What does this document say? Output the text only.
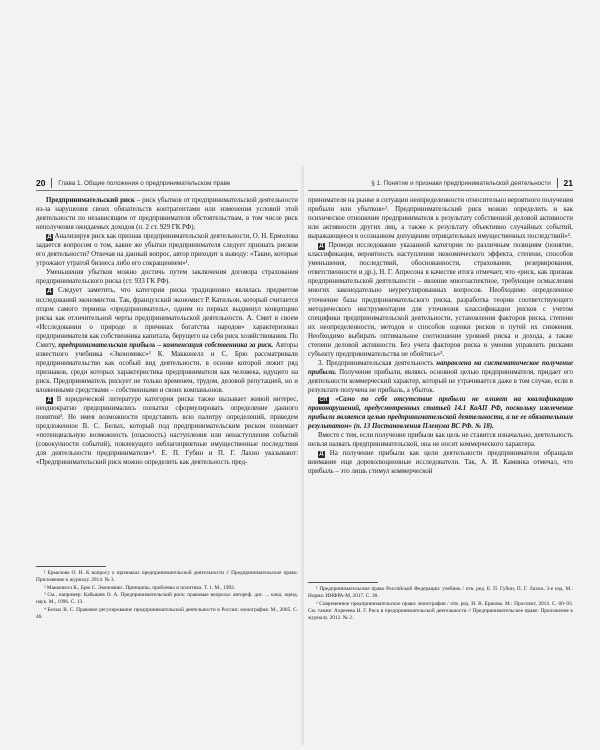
20 Глава 1. Общие положения о предпринимательском праве

Предпринимательский риск – риск убытков от предпринимательской деятельности из-за нарушения своих обязательств контрагентами или изменения условий этой деятельности по независящим от предпринимателя обстоятельствам, в том числе риск неполучения ожидаемых доходов (п. 2 ст. 929 ГК РФ).

Д Анализируя риск как признак предпринимательской деятельности, О. Н. Ермолова задается вопросом о том, какие же убытки предпринимателя следует признать риском его деятельности? Отвечая на данный вопрос, автор приходит к выводу: «Такие, которые угрожают утратой бизнеса либо его сокращением»¹.

Уменьшения убытков можно достичь путем заключения договора страхования предпринимательского риска (ст. 933 ГК РФ).

Д Следует заметить, что категория риска традиционно являлась предметом исследований экономистов. Так, французский экономист Р. Катильон, который считается отцом самого термина «предприниматель», одним из первых выдвинул концепцию риска как отличительной черты предпринимательской деятельности. А. Смит в своем «Исследовании о природе и причинах богатства народов» характеризовал предпринимателя как собственника капитала, берущего на себя риск хозяйствования. По Смиту, предпринимательская прибыль – компенсация собственника за риск. Авторы известного учебника «Экономикс»² К. Макконелл и С. Брю рассматривали предпринимательство как особый вид деятельности, в основе которой лежит ряд признаков, среди которых характеристика предпринимателя как человека, идущего на риск. Предприниматель рискует не только временем, трудом, деловой репутацией, но и вложенными средствами – собственными и своих компаньонов.

Д В юридической литературе категория риска также вызывает живой интерес, неоднократно предпринимались попытки сформулировать определение данного понятия³. Не имея возможности представить всю палитру определений, приведем предложенное В. С. Белых, который под предпринимательским риском понимает «потенциальную возможность (опасность) наступления или ненаступления событий (совокупности событий), повлекущего неблагоприятные имущественные последствия для деятельности предпринимателя»⁴. Е. П. Губин и П. Г. Лахно указывают: «Предпринимательский риск можно определить как деятельность пред-

¹ Ермолова О. Н. К вопросу о признаках предпринимательской деятельности // Предпринимательское право: Приложение к журналу. 2014. № 3.

² Макконелл К., Брю С. Экономикс. Принципы, проблемы и политика. Т. 1. М., 1992.

³ См., например: Кабышев О. А. Предпринимательский риск: правовые вопросы: автореф. дис. ... канд. юрид. наук. М., 1996. С. 13.

⁴ Белых В. С. Правовое регулирование предпринимательской деятельности в России: монография. М., 2005. С. 46.

§ 1. Понятие и признаки предпринимательской деятельности 21

принимателя на рынке в ситуации неопределенности относительно вероятного получения прибыли или убытков»¹. Предпринимательский риск можно определить и как психическое отношение предпринимателя к результату собственной деловой активности или активности других лиц, а также к результату объективно случайных событий, выражающееся в осознанном допущении отрицательных имущественных последствий»².

Д Проведя исследование указанной категории по различным позициям (понятие, классификация, вероятность наступления экономического эффекта, степени, способов уменьшения, последствий, обоснованности, страхования, резервирования, ответственности и др.), Н. Г. Апресона в качестве итога отмечает, что «риск, как признак предпринимательской деятельности – явление многоаспектное, требующее осмысления многих законодательно неурегулированных вопросов. Необходимо определенное уточнение базы предпринимательского риска, разработка теории соответствующего методического инструментария для уточнения классификации рисков с учетом специфики предпринимательской деятельности, установления факторов риска, степени их неопределенности, методов и способов оценки рисков и путей их снижения. Необходимо выбирать оптимальное соотношение уровней риска и дохода, а также степени деловой активности. Без учета факторов риска и умения управлять рисками субъекту предпринимательства не обойтись»³.

3. Предпринимательская деятельность направлена на систематическое получение прибыли. Получение прибыли, являясь основной целью предпринимателя, придает его деятельности коммерческий характер, который не утрачивается даже в том случае, если в результате получена не прибыль, а убыток.

СП «Само по себе отсутствие прибыли не влияет на квалификацию правонарушений, предусмотренных статьей 14.1 КоАП РФ, поскольку извлечение прибыли является целью предпринимательской деятельности, а не ее обязательным результатом» (п. 13 Постановления Пленума ВС РФ. № 18).

Вместе с тем, если получение прибыли как цель не ставится изначально, деятельность нельзя назвать предпринимательской, она не носит коммерческого характера.

Д На получение прибыли как цели деятельности предпринимателя обращали внимание еще дореволюционные исследователи. Так, А. И. Каминка отмечал, что прибыль – это лишь стимул коммерческой

¹ Предпринимательское право Российской Федерации: учебник / отв. ред. Е. П. Губин, П. Г. Лахно. 3-е изд. М.: Норма: ИНФРА-М, 2017. С. 30.

² Современное предпринимательское право: монография / отв. ред. И. В. Ершова. М.: Проспект, 2014. С. 80–93. См. также: Ахрееева Н. Г. Риск в предпринимательской деятельности // Предпринимательское право: Приложение к журналу. 2012. № 2.
